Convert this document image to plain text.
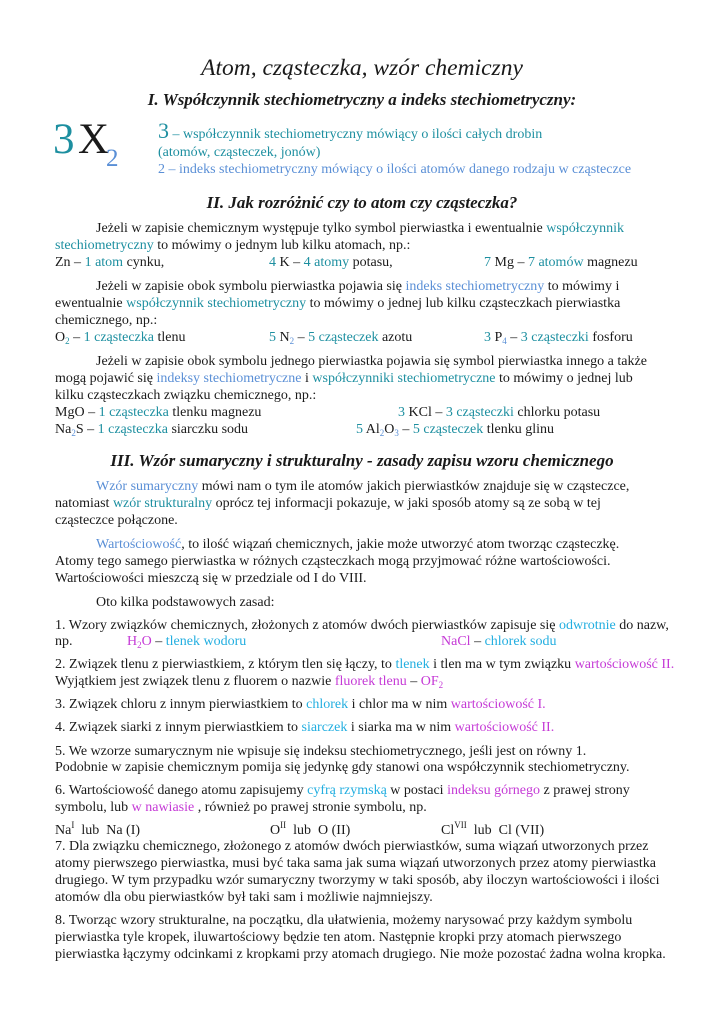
Atom, cząsteczka, wzór chemiczny
I. Współczynnik stechiometryczny a indeks stechiometryczny:
3 X
2
3 – współczynnik stechiometryczny mówiący o ilości całych drobin
(atomów, cząsteczek, jonów)
2 – indeks stechiometryczny mówiący o ilości atomów danego rodzaju w cząsteczce
II. Jak rozróżnić czy to atom czy cząsteczka?
Jeżeli w zapisie chemicznym występuje tylko symbol pierwiastka i ewentualnie współczynnik
stechiometryczny to mówimy o jednym lub kilku atomach, np.:
Zn – 1 atom cynku,	4 K – 4 atomy potasu,	7 Mg – 7 atomów magnezu
Jeżeli w zapisie obok symbolu pierwiastka pojawia się indeks stechiometryczny to mówimy i
ewentualnie współczynnik stechiometryczny to mówimy o jednej lub kilku cząsteczkach pierwiastka
chemicznego, np.:
$O_2 - 1$ cząsteczka tlenu	5 $N_2 - 5$ cząsteczek azotu	3 $P_4 - 3$ cząsteczki fosforu
Jeżeli w zapisie obok symbolu jednego pierwiastka pojawia się symbol pierwiastka innego a także
mogą pojawić się indeksy stechiometryczne i współczynniki stechiometryczne to mówimy o jednej lub
kilku cząsteczkach związku chemicznego, np.:
MgO – 1 cząsteczka tlenku magnezu	3 KCl – 3 cząsteczki chlorku potasu
$Na_2S - 1$ cząsteczka siarczku sodu	5 $Al_2O_3 - 5$ cząsteczek tlenku glinu
III. Wzór sumaryczny i strukturalny - zasady zapisu wzoru chemicznego
Wzór sumaryczny mówi nam o tym ile atomów jakich pierwiastków znajduje się w cząsteczce,
natomiast wzór strukturalny oprócz tej informacji pokazuje, w jaki sposób atomy są ze sobą w tej
cząsteczce połączone.
Wartościowość, to ilość wiązań chemicznych, jakie może utworzyć atom tworząc cząsteczkę.
Atomy tego samego pierwiastka w różnych cząsteczkach mogą przyjmować różne wartościowości.
Wartościowości mieszczą się w przedziale od I do VIII.
Oto kilka podstawowych zasad:
1. Wzory związków chemicznych, złożonych z atomów dwóch pierwiastków zapisuje się odwrotnie do nazw,
np.	$H_2O$ – tlenek wodoru	NaCl – chlorek sodu
2. Związek tlenu z pierwiastkiem, z którym tlen się łączy, to tlenek i tlen ma w tym związku wartościowość II.
Wyjątkiem jest związek tlenu z fluorem o nazwie fluorek tlenu – $OF_2$
3. Związek chloru z innym pierwiastkiem to chlorek i chlor ma w nim wartościowość I.
4. Związek siarki z innym pierwiastkiem to siarczek i siarka ma w nim wartościowość II.
5. We wzorze sumarycznym nie wpisuje się indeksu stechiometrycznego, jeśli jest on równy 1.
Podobnie w zapisie chemicznym pomija się jedynkę gdy stanowi ona współczynnik stechiometryczny.
6. Wartościowość danego atomu zapisujemy cyfrą rzymską w postaci indeksu górnego z prawej strony
symbolu, lub w nawiasie , również po prawej stronie symbolu, np.
$Na^I$  lub  Na (I)	$O^{II}$  lub  O (II)	$Cl^{VII}$  lub  Cl (VII)
7. Dla związku chemicznego, złożonego z atomów dwóch pierwiastków, suma wiązań utworzonych przez
atomy pierwszego pierwiastka, musi być taka sama jak suma wiązań utworzonych przez atomy pierwiastka
drugiego. W tym przypadku wzór sumaryczny tworzymy w taki sposób, aby iloczyn wartościowości i ilości
atomów dla obu pierwiastków był taki sam i możliwie najmniejszy.
8. Tworząc wzory strukturalne, na początku, dla ułatwienia, możemy narysować przy każdym symbolu
pierwiastka tyle kropek, iluwartościowy będzie ten atom. Następnie kropki przy atomach pierwszego
pierwiastka łączymy odcinkami z kropkami przy atomach drugiego. Nie może pozostać żadna wolna kropka.
